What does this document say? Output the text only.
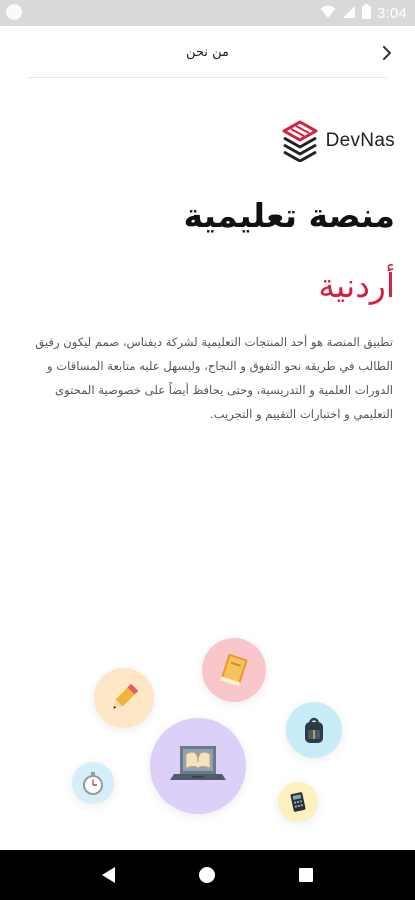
3:04
من نحن
DevNas
منصة تعليمية
أردنية

تطبيق المنصة هو أحد المنتجات التعليمية لشركة ديفناس، صمم ليكون رفيق الطالب في طريقه نحو التفوق و النجاح، وليسهل عليه متابعة المساقات و الدورات العلمية و التدريسية، وحتى يحافظ أيضاً على خصوصية المحتوى التعليمي و اختبارات التقييم و التجريب.
